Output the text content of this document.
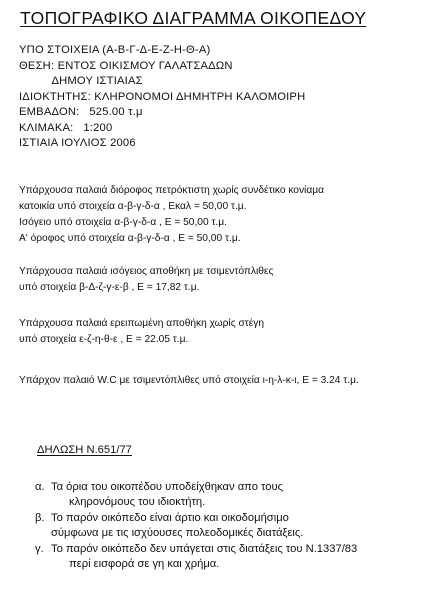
ΤΟΠΟΓΡΑΦΙΚΟ ΔΙΑΓΡΑΜΜΑ ΟΙΚΟΠΕΔΟΥ
ΥΠΟ ΣΤΟΙΧΕΙΑ (Α-Β-Γ-Δ-Ε-Ζ-Η-Θ-Α)
ΘΕΣΗ: ΕΝΤΟΣ ΟΙΚΙΣΜΟΥ ΓΑΛΑΤΣΑΔΩΝ
ΔΗΜΟΥ ΙΣΤΙΑΙΑΣ
ΙΔΙΟΚΤΗΤΗΣ: ΚΛΗΡΟΝΟΜΟΙ ΔΗΜΗΤΡΗ ΚΑΛΟΜΟΙΡΗ
ΕΜΒΑΔΟΝ:   525.00 τ.μ
ΚΛΙΜΑΚΑ:   1:200
ΙΣΤΙΑΙΑ ΙΟΥΛΙΟΣ 2006
Υπάρχουσα παλαιά διόροφος πετρόκτιστη χωρίς συνδέτικο κονίαμα
κατοικία υπό στοιχεία α-β-γ-δ-α , Εκαλ = 50,00 τ.μ.
Ισόγειο υπό στοιχεία α-β-γ-δ-α , Ε = 50,00 τ.μ.
Α' όροφος υπό στοιχεία α-β-γ-δ-α , Ε = 50,00 τ.μ.
Υπάρχουσα παλαιά ισόγειος αποθήκη με τσιμεντόπλιθες
υπό στοιχεία β-Δ-ζ-γ-ε-β , Ε = 17,82 τ.μ.
Υπάρχουσα παλαιά ερειπωμένη αποθήκη χωρίς στέγη
υπό στοιχεία ε-ζ-η-θ-ε , Ε = 22.05 τ.μ.
Υπάρχον παλαιό W.C με τσιμεντόπλιθες υπό στοιχεία ι-η-λ-κ-ι, Ε = 3.24 τ.μ.
ΔΗΛΩΣΗ Ν.651/77
α. Τα όρια του οικοπέδου υποδείχθηκαν απο τους
κληρονόμους του ιδιοκτήτη.
β. Το παρόν οικόπεδο είναι άρτιο και οικοδομήσιμο
σύμφωνα με τις ισχύουσες πολεοδομικές διατάξεις.
γ. Το παρόν οικόπεδο δεν υπάγεται στις διατάξεις του Ν.1337/83
περί εισφορά σε γη και χρήμα.
